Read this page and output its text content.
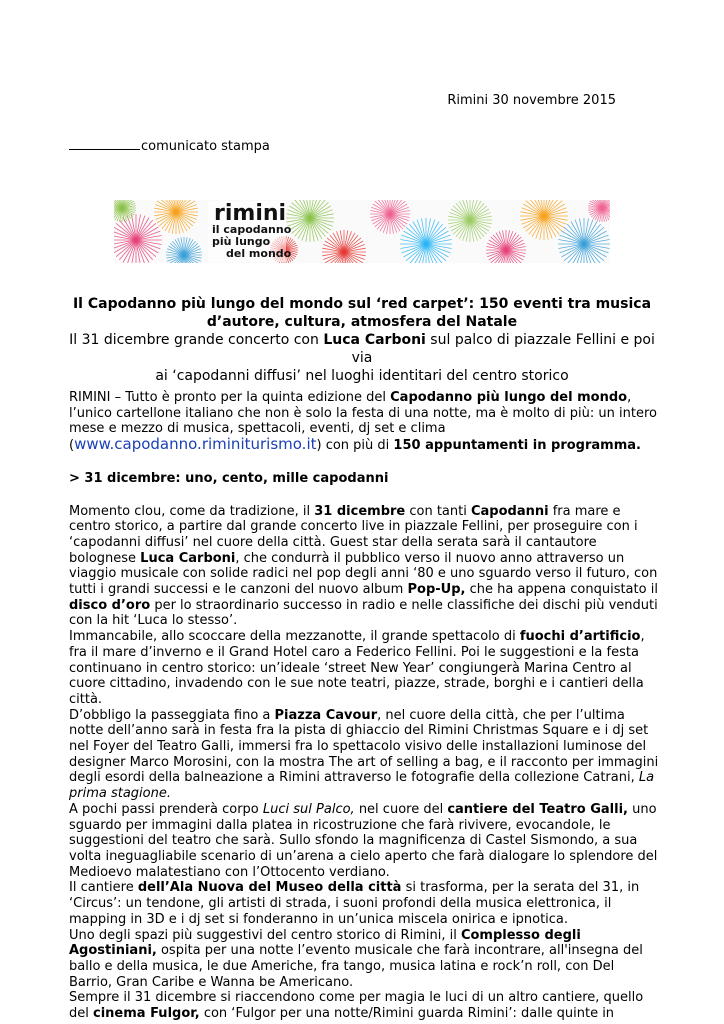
Rimini 30 novembre 2015
comunicato stampa
rimini
il capodanno
più lungo
del mondo
Il Capodanno più lungo del mondo sul ‘red carpet’: 150 eventi tra musica
d’autore, cultura, atmosfera del Natale
Il 31 dicembre grande concerto con Luca Carboni sul palco di piazzale Fellini e poi via
ai ‘capodanni diffusi’ nel luoghi identitari del centro storico

RIMINI – Tutto è pronto per la quinta edizione del Capodanno più lungo del mondo, l’unico cartellone italiano che non è solo la festa di una notte, ma è molto di più: un intero mese e mezzo di musica, spettacoli, eventi, dj set e clima (www.capodanno.riminiturismo.it) con più di 150 appuntamenti in programma.

> 31 dicembre: uno, cento, mille capodanni

Momento clou, come da tradizione, il 31 dicembre con tanti Capodanni fra mare e centro storico, a partire dal grande concerto live in piazzale Fellini, per proseguire con i ‘capodanni diffusi’ nel cuore della città. Guest star della serata sarà il cantautore bolognese Luca Carboni, che condurrà il pubblico verso il nuovo anno attraverso un viaggio musicale con solide radici nel pop degli anni ‘80 e uno sguardo verso il futuro, con tutti i grandi successi e le canzoni del nuovo album Pop-Up, che ha appena conquistato il disco d’oro per lo straordinario successo in radio e nelle classifiche dei dischi più venduti con la hit ‘Luca lo stesso’.

Immancabile, allo scoccare della mezzanotte, il grande spettacolo di fuochi d’artificio, fra il mare d’inverno e il Grand Hotel caro a Federico Fellini. Poi le suggestioni e la festa continuano in centro storico: un’ideale ‘street New Year’ congiungerà Marina Centro al cuore cittadino, invadendo con le sue note teatri, piazze, strade, borghi e i cantieri della città.

D’obbligo la passeggiata fino a Piazza Cavour, nel cuore della città, che per l’ultima notte dell’anno sarà in festa fra la pista di ghiaccio del Rimini Christmas Square e i dj set nel Foyer del Teatro Galli, immersi fra lo spettacolo visivo delle installazioni luminose del designer Marco Morosini, con la mostra The art of selling a bag, e il racconto per immagini degli esordi della balneazione a Rimini attraverso le fotografie della collezione Catrani, La prima stagione.

A pochi passi prenderà corpo Luci sul Palco, nel cuore del cantiere del Teatro Galli, uno sguardo per immagini dalla platea in ricostruzione che farà rivivere, evocandole, le suggestioni del teatro che sarà. Sullo sfondo la magnificenza di Castel Sismondo, a sua volta ineguagliabile scenario di un’arena a cielo aperto che farà dialogare lo splendore del Medioevo malatestiano con l’Ottocento verdiano.

Il cantiere dell’Ala Nuova del Museo della città si trasforma, per la serata del 31, in ‘Circus’: un tendone, gli artisti di strada, i suoni profondi della musica elettronica, il mapping in 3D e i dj set si fonderanno in un’unica miscela onirica e ipnotica.

Uno degli spazi più suggestivi del centro storico di Rimini, il Complesso degli Agostiniani, ospita per una notte l’evento musicale che farà incontrare, all'insegna del ballo e della musica, le due Americhe, fra tango, musica latina e rock’n roll, con Del Barrio, Gran Caribe e Wanna be Americano.

Sempre il 31 dicembre si riaccendono come per magia le luci di un altro cantiere, quello del cinema Fulgor, con ‘Fulgor per una notte/Rimini guarda Rimini’: dalle quinte in
